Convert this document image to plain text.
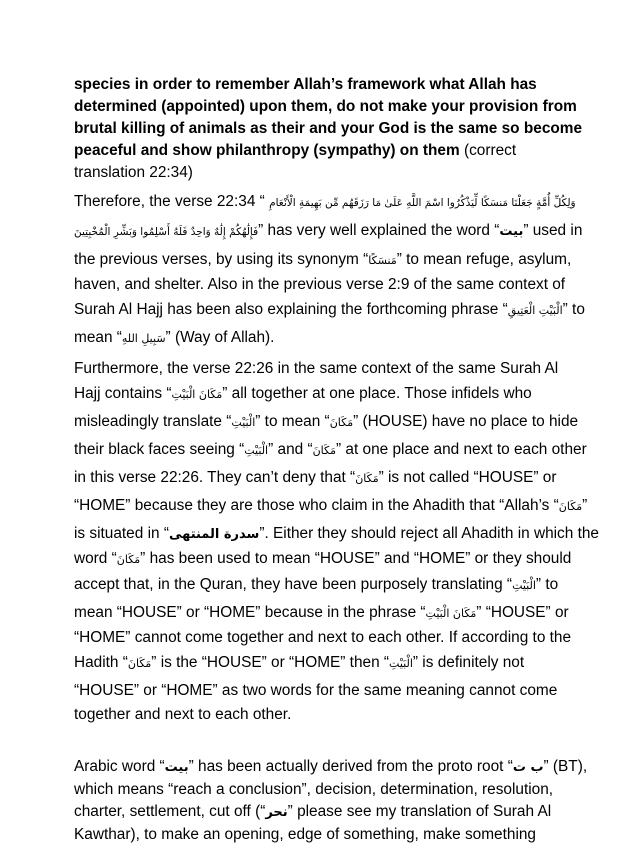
species in order to remember Allah’s framework what Allah has
determined (appointed) upon them, do not make your provision from
brutal killing of animals as their and your God is the same so become
peaceful and show philanthropy (sympathy) on them (correct
translation 22:34)
Therefore, the verse 22:34 “ وَلِكُلِّ أُمَّةٍ جَعَلْنَا مَنسَكًا لِّيَذْكُرُوا اسْمَ اللَّهِ عَلَىٰ مَا رَزَقَهُم مِّن بَهِيمَةِ الْأَنْعَامِ
فَإِلَٰهُكُمْ إِلَٰهٌ وَاحِدٌ فَلَهُ أَسْلِمُوا وَبَشِّرِ الْمُخْبِتِينَ” has very well explained the word “بيت” used in
the previous verses, by using its synonym “مَنسَكًا” to mean refuge, asylum,
haven, and shelter. Also in the previous verse 2:9 of the same context of
Surah Al Hajj has been also explaining the forthcoming phrase “الْبَيْتِ الْعَتِيقِ” to
mean “سَبِيلِ اللهِ” (Way of Allah).
Furthermore, the verse 22:26 in the same context of the same Surah Al
Hajj contains “مَكَانَ الْبَيْتِ” all together at one place. Those infidels who
misleadingly translate “الْبَيْتِ” to mean “مَكَانَ” (HOUSE) have no place to hide
their black faces seeing “الْبَيْتِ” and “مَكَانَ” at one place and next to each other
in this verse 22:26. They can’t deny that “مَكَانَ” is not called “HOUSE” or
“HOME” because they are those who claim in the Ahadith that “Allah’s “مَكَانَ”
is situated in “سدرة المنتهى”. Either they should reject all Ahadith in which the
word “مَكَانَ” has been used to mean “HOUSE” and “HOME” or they should
accept that, in the Quran, they have been purposely translating “الْبَيْتِ” to
mean “HOUSE” or “HOME” because in the phrase “مَكَانَ الْبَيْتِ” “HOUSE” or
“HOME” cannot come together and next to each other. If according to the
Hadith “مَكَانَ” is the “HOUSE” or “HOME” then “الْبَيْتِ” is definitely not
“HOUSE” or “HOME” as two words for the same meaning cannot come
together and next to each other.
Arabic word “بيت” has been actually derived from the proto root “ب ت” (BT),
which means “reach a conclusion”, decision, determination, resolution,
charter, settlement, cut off (“نحر” please see my translation of Surah Al
Kawthar), to make an opening, edge of something, make something
